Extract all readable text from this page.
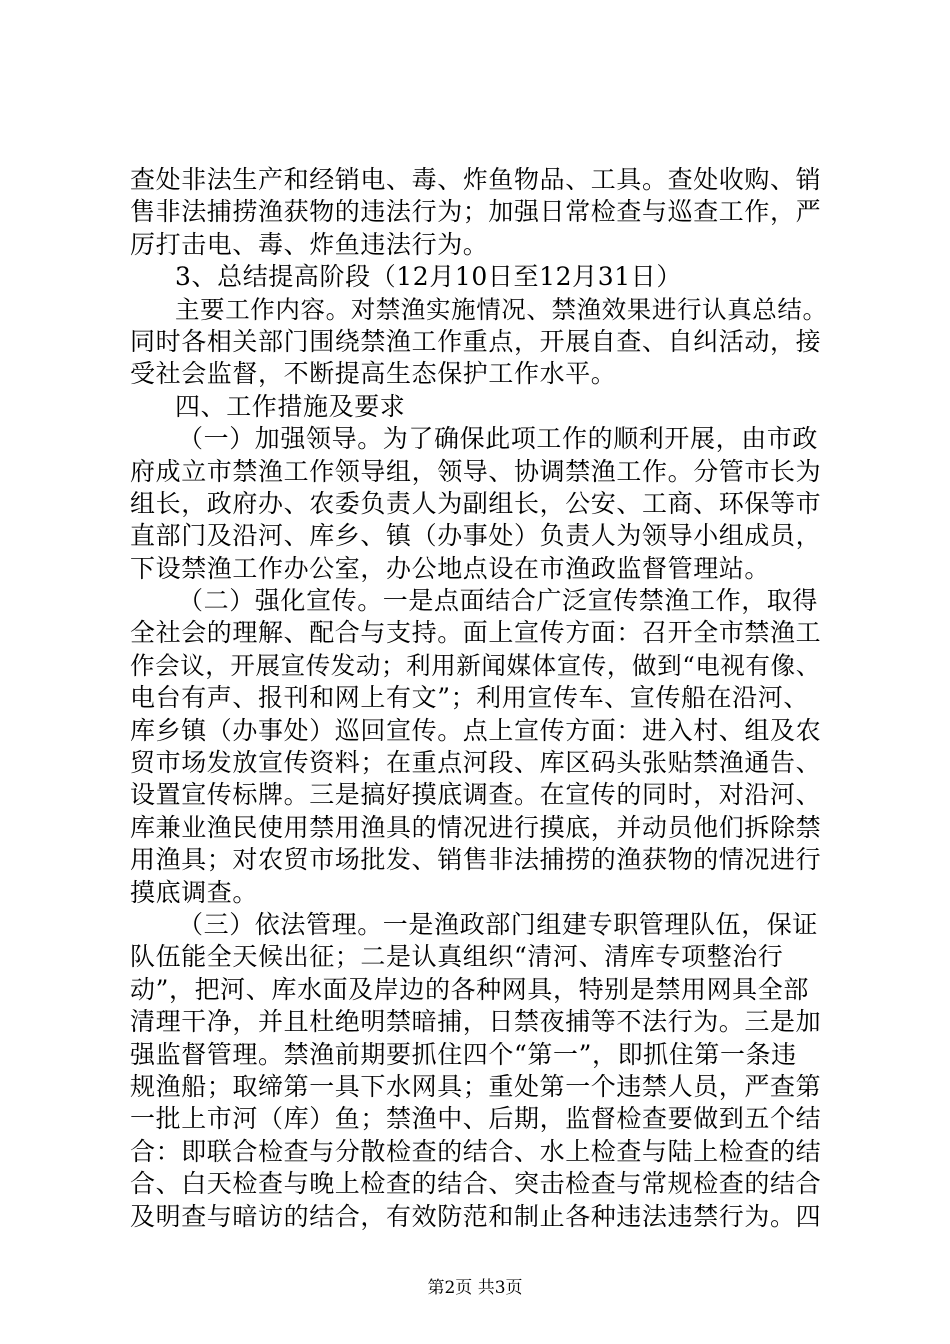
查处非法生产和经销电、毒、炸鱼物品、工具。查处收购、销
售非法捕捞渔获物的违法行为；加强日常检查与巡查工作，严
厉打击电、毒、炸鱼违法行为。
3、总结提高阶段（12月10日至12月31日）
主要工作内容。对禁渔实施情况、禁渔效果进行认真总结。
同时各相关部门围绕禁渔工作重点，开展自查、自纠活动，接
受社会监督，不断提高生态保护工作水平。
四、工作措施及要求
（一）加强领导。为了确保此项工作的顺利开展，由市政
府成立市禁渔工作领导组，领导、协调禁渔工作。分管市长为
组长，政府办、农委负责人为副组长，公安、工商、环保等市
直部门及沿河、库乡、镇（办事处）负责人为领导小组成员，
下设禁渔工作办公室，办公地点设在市渔政监督管理站。
（二）强化宣传。一是点面结合广泛宣传禁渔工作，取得
全社会的理解、配合与支持。面上宣传方面：召开全市禁渔工
作会议，开展宣传发动；利用新闻媒体宣传，做到“电视有像、
电台有声、报刊和网上有文”；利用宣传车、宣传船在沿河、
库乡镇（办事处）巡回宣传。点上宣传方面：进入村、组及农
贸市场发放宣传资料；在重点河段、库区码头张贴禁渔通告、
设置宣传标牌。三是搞好摸底调查。在宣传的同时，对沿河、
库兼业渔民使用禁用渔具的情况进行摸底，并动员他们拆除禁
用渔具；对农贸市场批发、销售非法捕捞的渔获物的情况进行
摸底调查。
（三）依法管理。一是渔政部门组建专职管理队伍，保证
队伍能全天候出征；二是认真组织“清河、清库专项整治行
动”，把河、库水面及岸边的各种网具，特别是禁用网具全部
清理干净，并且杜绝明禁暗捕，日禁夜捕等不法行为。三是加
强监督管理。禁渔前期要抓住四个“第一”，即抓住第一条违
规渔船；取缔第一具下水网具；重处第一个违禁人员，严查第
一批上市河（库）鱼；禁渔中、后期，监督检查要做到五个结
合：即联合检查与分散检查的结合、水上检查与陆上检查的结
合、白天检查与晚上检查的结合、突击检查与常规检查的结合
及明查与暗访的结合，有效防范和制止各种违法违禁行为。四
第2页 共3页
